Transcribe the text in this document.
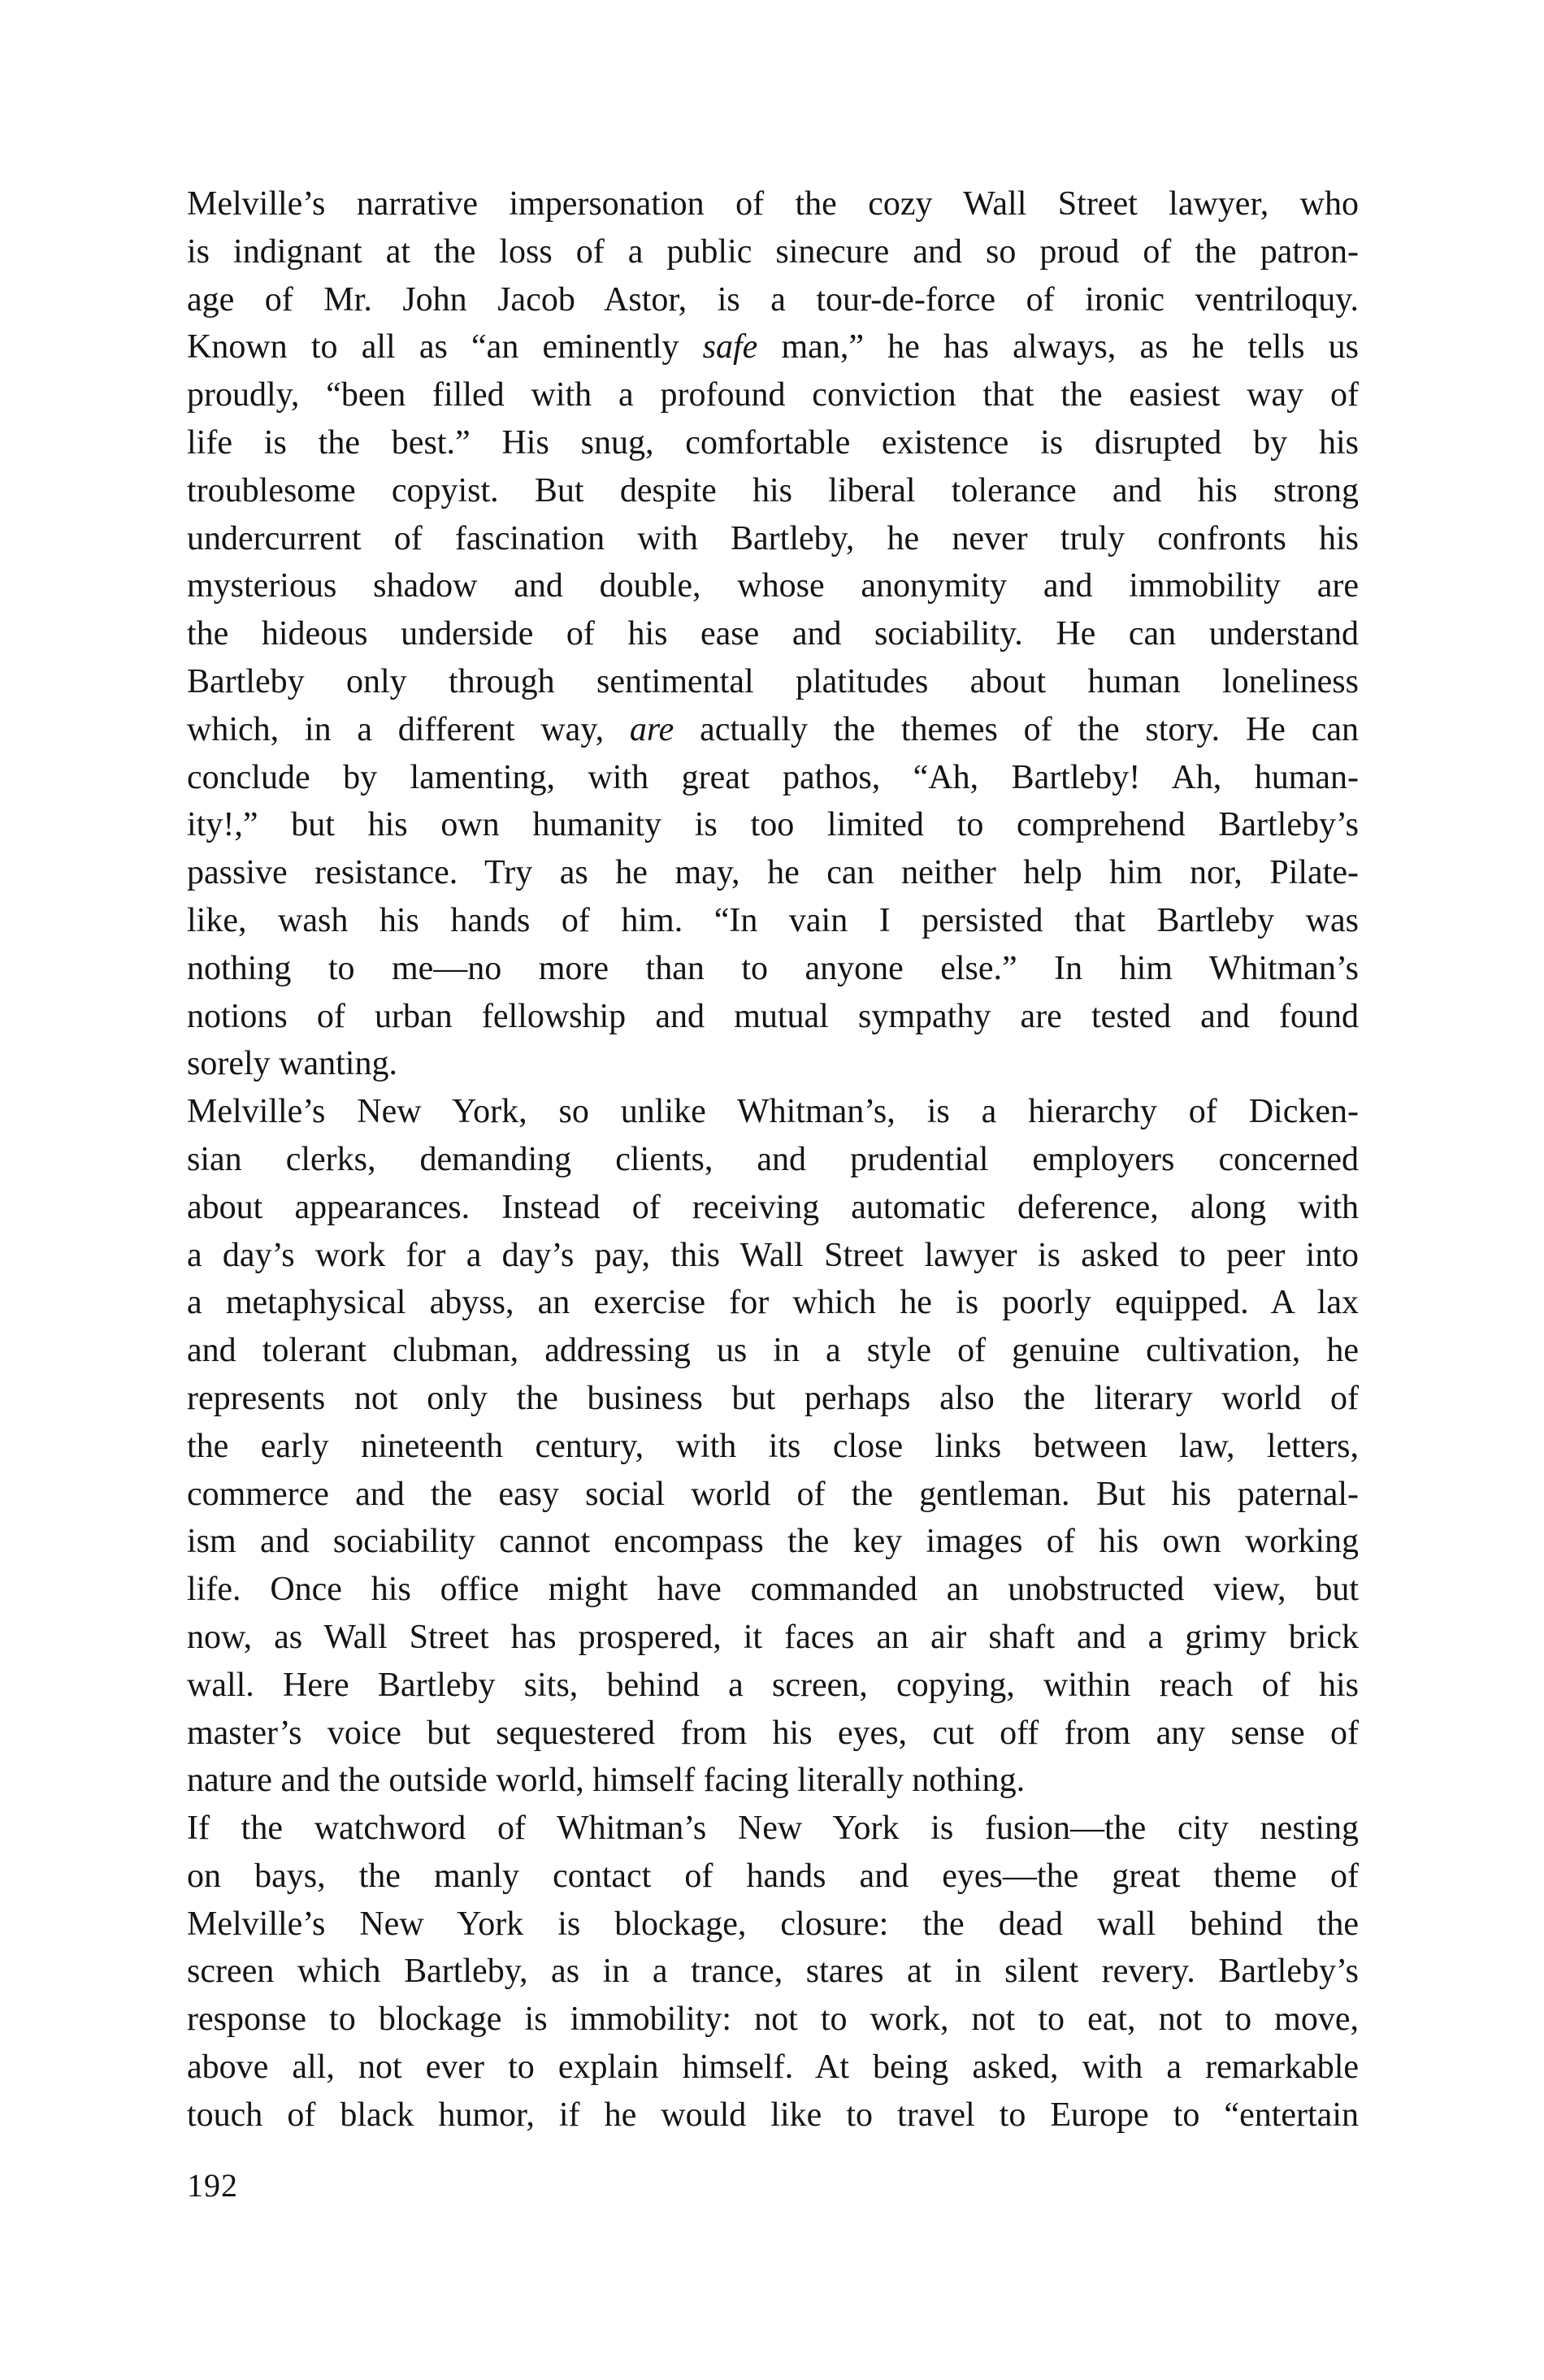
Melville’s narrative impersonation of the cozy Wall Street lawyer, who
is indignant at the loss of a public sinecure and so proud of the patron-
age of Mr. John Jacob Astor, is a tour-de-force of ironic ventriloquy.
Known to all as “an eminently safe man,” he has always, as he tells us
proudly, “been filled with a profound conviction that the easiest way of
life is the best.” His snug, comfortable existence is disrupted by his
troublesome copyist. But despite his liberal tolerance and his strong
undercurrent of fascination with Bartleby, he never truly confronts his
mysterious shadow and double, whose anonymity and immobility are
the hideous underside of his ease and sociability. He can understand
Bartleby only through sentimental platitudes about human loneliness
which, in a different way, are actually the themes of the story. He can
conclude by lamenting, with great pathos, “Ah, Bartleby! Ah, human-
ity!,” but his own humanity is too limited to comprehend Bartleby’s
passive resistance. Try as he may, he can neither help him nor, Pilate-
like, wash his hands of him. “In vain I persisted that Bartleby was
nothing to me—no more than to anyone else.” In him Whitman’s
notions of urban fellowship and mutual sympathy are tested and found
sorely wanting.
Melville’s New York, so unlike Whitman’s, is a hierarchy of Dicken-
sian clerks, demanding clients, and prudential employers concerned
about appearances. Instead of receiving automatic deference, along with
a day’s work for a day’s pay, this Wall Street lawyer is asked to peer into
a metaphysical abyss, an exercise for which he is poorly equipped. A lax
and tolerant clubman, addressing us in a style of genuine cultivation, he
represents not only the business but perhaps also the literary world of
the early nineteenth century, with its close links between law, letters,
commerce and the easy social world of the gentleman. But his paternal-
ism and sociability cannot encompass the key images of his own working
life. Once his office might have commanded an unobstructed view, but
now, as Wall Street has prospered, it faces an air shaft and a grimy brick
wall. Here Bartleby sits, behind a screen, copying, within reach of his
master’s voice but sequestered from his eyes, cut off from any sense of
nature and the outside world, himself facing literally nothing.
If the watchword of Whitman’s New York is fusion—the city nesting
on bays, the manly contact of hands and eyes—the great theme of
Melville’s New York is blockage, closure: the dead wall behind the
screen which Bartleby, as in a trance, stares at in silent revery. Bartleby’s
response to blockage is immobility: not to work, not to eat, not to move,
above all, not ever to explain himself. At being asked, with a remarkable
touch of black humor, if he would like to travel to Europe to “entertain
192
